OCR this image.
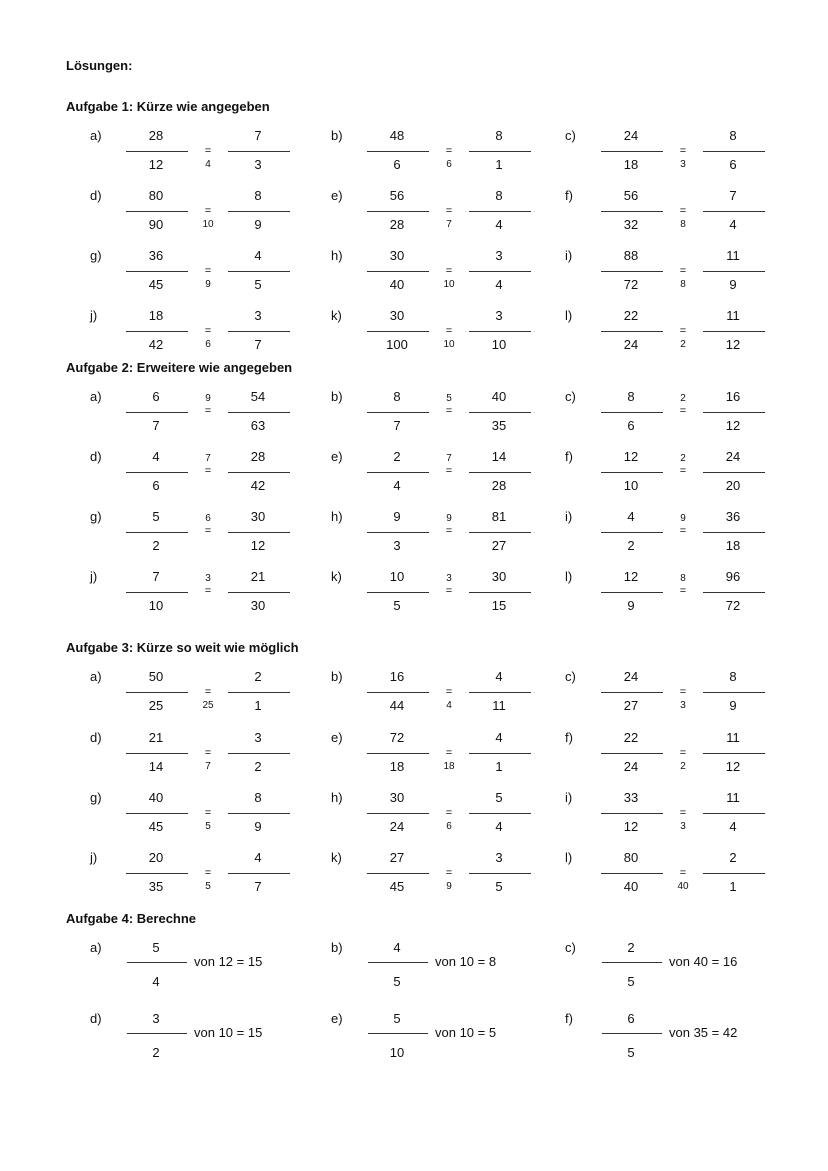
Lösungen:
Aufgabe 1: Kürze wie angegeben
a)	28
12
=
4
7
3
b)	48
6
=
6
8
1
c)	24
18
=
3
8
6
d)	80
90
=
10
8
9
e)	56
28
=
7
8
4
f)	56
32
=
8
7
4
g)	36
45
=
9
4
5
h)	30
40
=
10
3
4
i)	88
72
=
8
11
9
j)	18
42
=
6
3
7
k)	30
100
=
10
3
10
l)	22
24
=
2
11
12
Aufgabe 2: Erweitere wie angegeben
a)	6
7
9
=
54
63
b)	8
7
5
=
40
35
c)	8
6
2
=
16
12
d)	4
6
7
=
28
42
e)	2
4
7
=
14
28
f)	12
10
2
=
24
20
g)	5
2
6
=
30
12
h)	9
3
9
=
81
27
i)	4
2
9
=
36
18
j)	7
10
3
=
21
30
k)	10
5
3
=
30
15
l)	12
9
8
=
96
72
Aufgabe 3: Kürze so weit wie möglich
a)	50
25
=
25
2
1
b)	16
44
=
4
4
11
c)	24
27
=
3
8
9
d)	21
14
=
7
3
2
e)	72
18
=
18
4
1
f)	22
24
=
2
11
12
g)	40
45
=
5
8
9
h)	30
24
=
6
5
4
i)	33
12
=
3
11
4
j)	20
35
=
5
4
7
k)	27
45
=
9
3
5
l)	80
40
=
40
2
1
Aufgabe 4: Berechne
a)	5
4
von 12 = 15
b)	4
5
von 10 = 8
c)	2
5
von 40 = 16
d)	3
2
von 10 = 15
e)	5
10
von 10 = 5
f)	6
5
von 35 = 42
